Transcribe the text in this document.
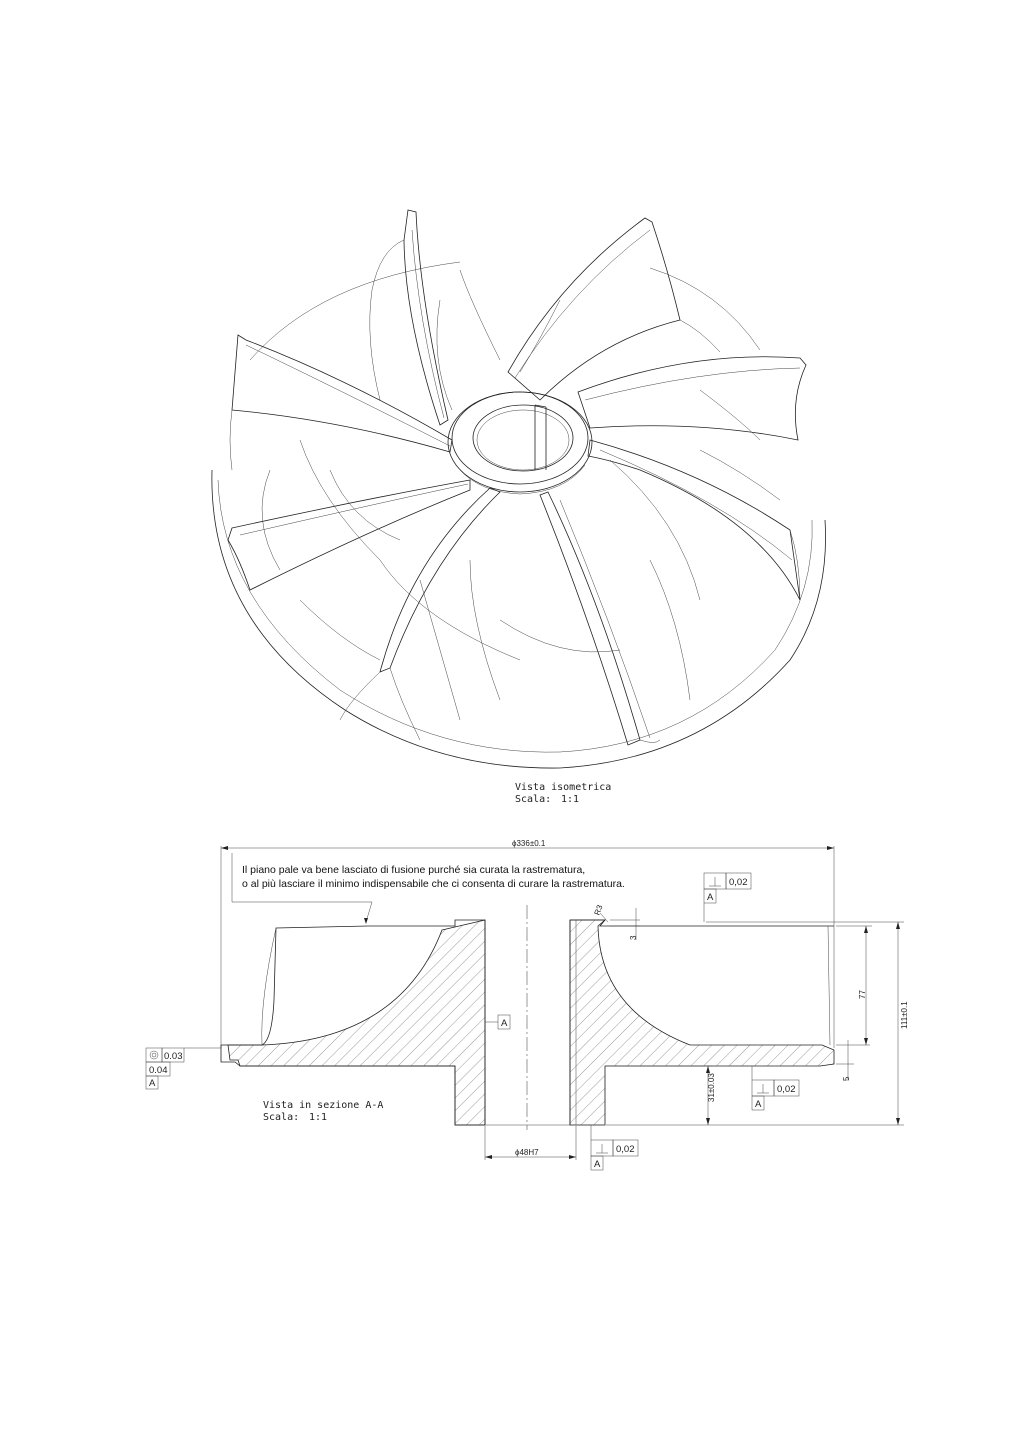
Vista isometrica
Scala: 1:1
ϕ336±0.1
Il piano pale va bene lasciato di fusione purché sia curata la rastrematura,
o al più lasciare il minimo indispensabile che ci consenta di curare la rastrematura.
A
ϕ48H7
R3
3
77
111±0.1
5
31±0.03
0,02
A
0,02
A
0,02
A
0.03
0.04
A
Vista in sezione A-A
Scala: 1:1
